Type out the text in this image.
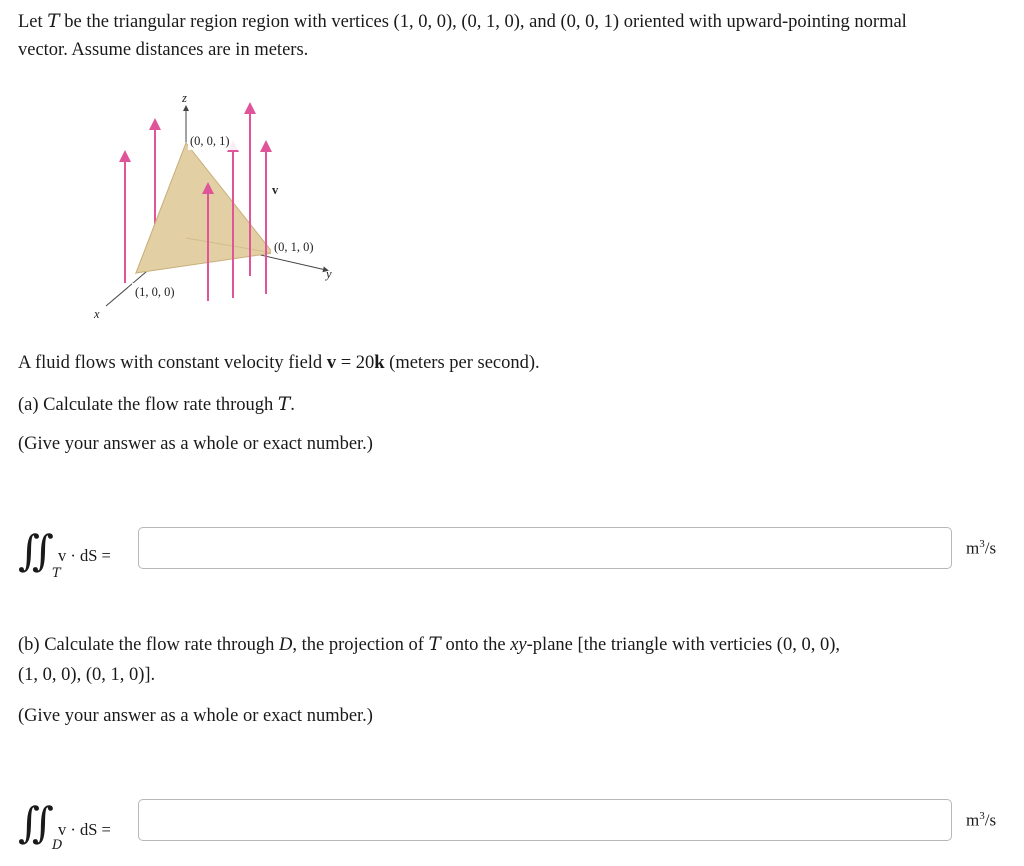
Let T be the triangular region region with vertices (1, 0, 0), (0, 1, 0), and (0, 0, 1) oriented with upward-pointing normal

vector. Assume distances are in meters.

z
x
y
(0, 0, 1)
(0, 1, 0)
(1, 0, 0)
v

A fluid flows with constant velocity field v = 20k (meters per second).

(a) Calculate the flow rate through T.

(Give your answer as a whole or exact number.)

∬ T
v · dS =	$m^3/s$

(b) Calculate the flow rate through D, the projection of T onto the xy-plane [the triangle with verticies (0, 0, 0),

(1, 0, 0), (0, 1, 0)].

(Give your answer as a whole or exact number.)

∬ D
v · dS =	$m^3/s$
